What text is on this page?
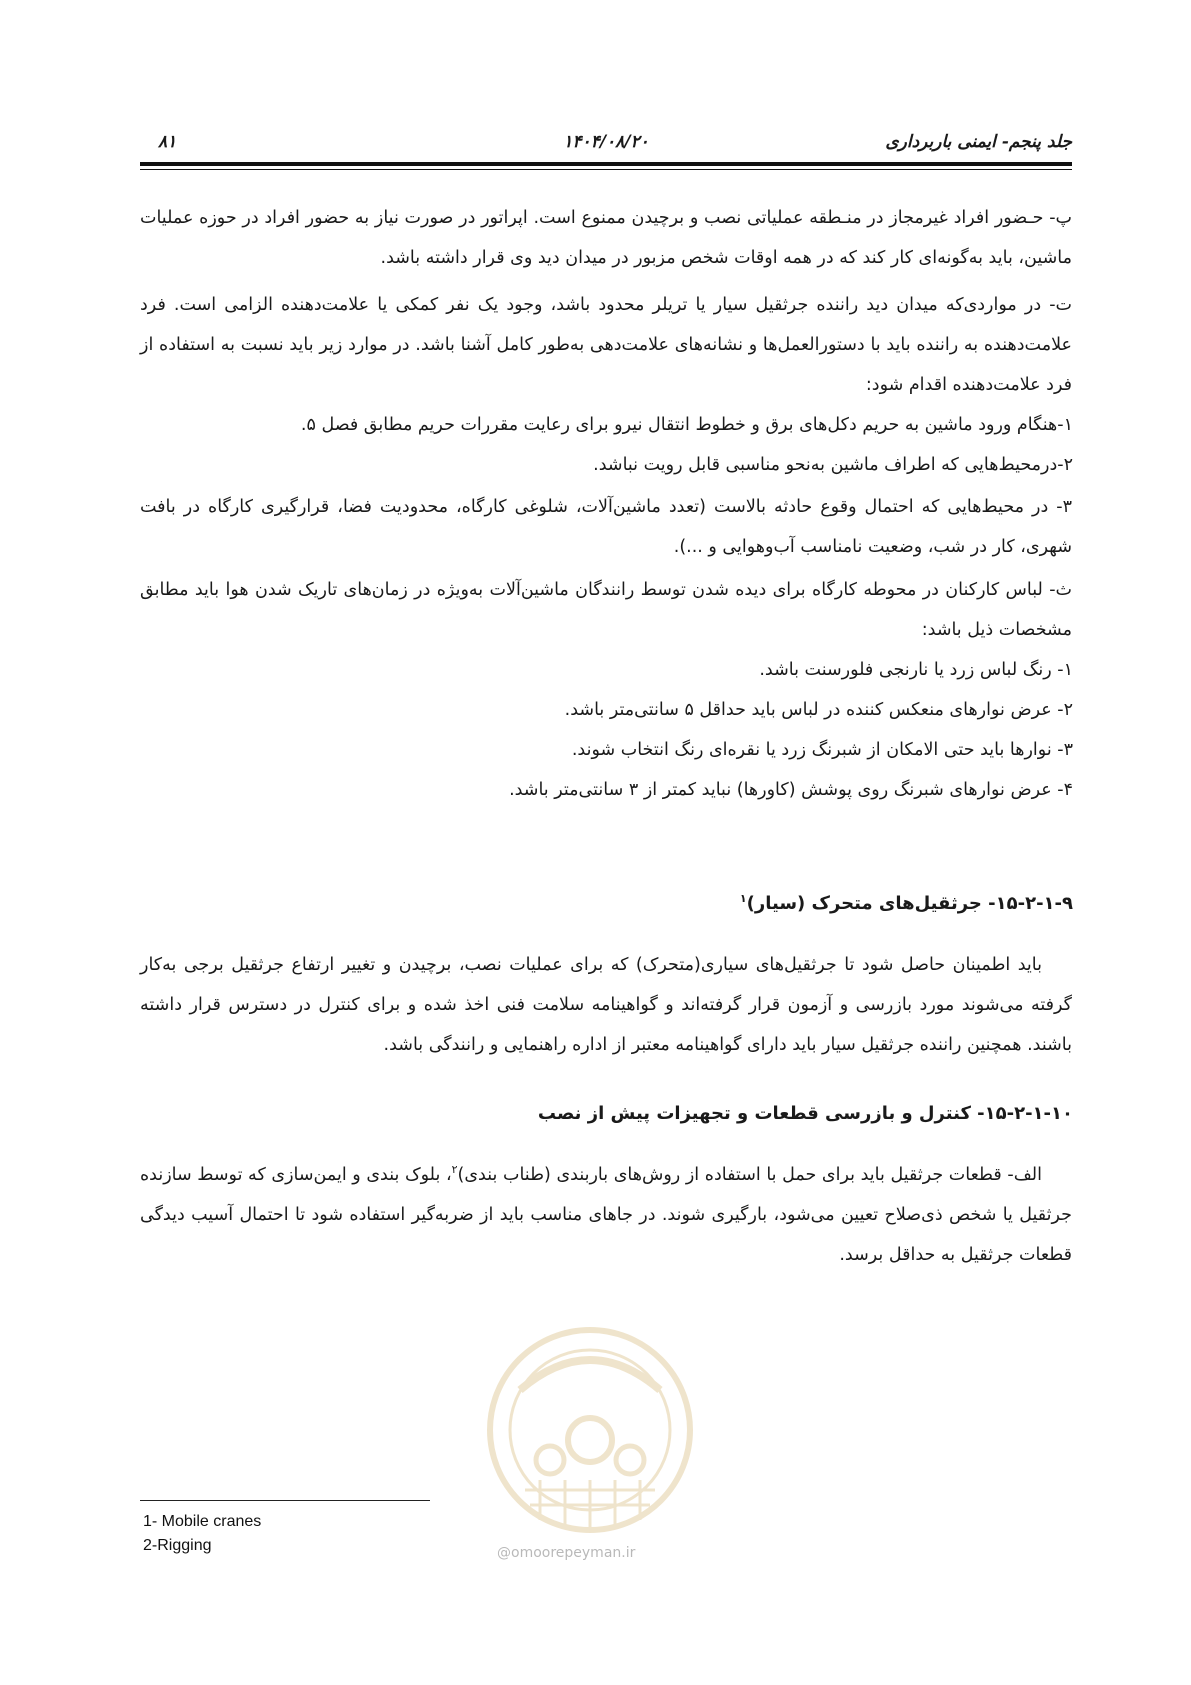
جلد پنجم- ایمنی باربرداری
۱۴۰۴/۰۸/۲۰
۸۱

پ- حـضور افراد غیرمجاز در منـطقه عملیاتی نصب و برچیدن ممنوع است. اپراتور در صورت نیاز به حضور افراد در حوزه عملیات ماشین، باید به‌گونه‌ای کار کند که در همه اوقات شخص مزبور در میدان دید وی قرار داشته باشد.

ت- در مواردی‌که میدان دید راننده جرثقیل سیار یا تریلر محدود باشد، وجود یک نفر کمکی یا علامت‌دهنده الزامی است. فرد علامت‌دهنده به راننده باید با دستورالعمل‌ها و نشانه‌های علامت‌دهی به‌طور کامل آشنا باشد. در موارد زیر باید نسبت به استفاده از فرد علامت‌دهنده اقدام شود:

۱-هنگام ورود ماشین به حریم دکل‌های برق و خطوط انتقال نیرو برای رعایت مقررات حریم مطابق فصل ۵.
۲-درمحیط‌هایی که اطراف ماشین به‌نحو مناسبی قابل رویت نباشد.

۳- در محیط‌هایی که احتمال وقوع حادثه بالاست (تعدد ماشین‌آلات، شلوغی کارگاه، محدودیت فضا، قرارگیری کارگاه در بافت شهری، کار در شب، وضعیت نامناسب آب‌وهوایی و ...).

ث- لباس کارکنان در محوطه کارگاه برای دیده شدن توسط رانندگان ماشین‌آلات به‌ویژه در زمان‌های تاریک شدن هوا باید مطابق مشخصات ذیل باشد:

۱- رنگ لباس زرد یا نارنجی فلورسنت باشد.
۲- عرض نوارهای منعکس کننده در لباس باید حداقل ۵ سانتی‌متر باشد.
۳- نوارها باید حتی الامکان از شبرنگ زرد یا نقره‌ای رنگ انتخاب شوند.
۴- عرض نوارهای شبرنگ روی پوشش (کاورها) نباید کمتر از ۳ سانتی‌متر باشد.
۱۵-۲-۱-۹- جرثقیل‌های متحرک (سیار)$^۱$

باید اطمینان حاصل شود تا جرثقیل‌های سیاری(متحرک) که برای عملیات نصب، برچیدن و تغییر ارتفاع جرثقیل برجی به‌کار گرفته می‌شوند مورد بازرسی و آزمون قرار گرفته‌اند و گواهینامه سلامت فنی اخذ شده و برای کنترل در دسترس قرار داشته باشند. همچنین راننده جرثقیل سیار باید دارای گواهینامه معتبر از اداره راهنمایی و رانندگی باشد.

۱۵-۲-۱-۱۰- کنترل و بازرسی قطعات و تجهیزات پیش از نصب

الف- قطعات جرثقیل باید برای حمل با استفاده از روش‌های باربندی (طناب بندی)$^۲$، بلوک بندی و ایمن‌سازی که توسط سازنده جرثقیل یا شخص ذی‌صلاح تعیین می‌شود، بارگیری شوند. در جاهای مناسب باید از ضربه‌گیر استفاده شود تا احتمال آسیب دیدگی قطعات جرثقیل به حداقل برسد.

@omoorepeyman.ir
1- Mobile cranes
2-Rigging
